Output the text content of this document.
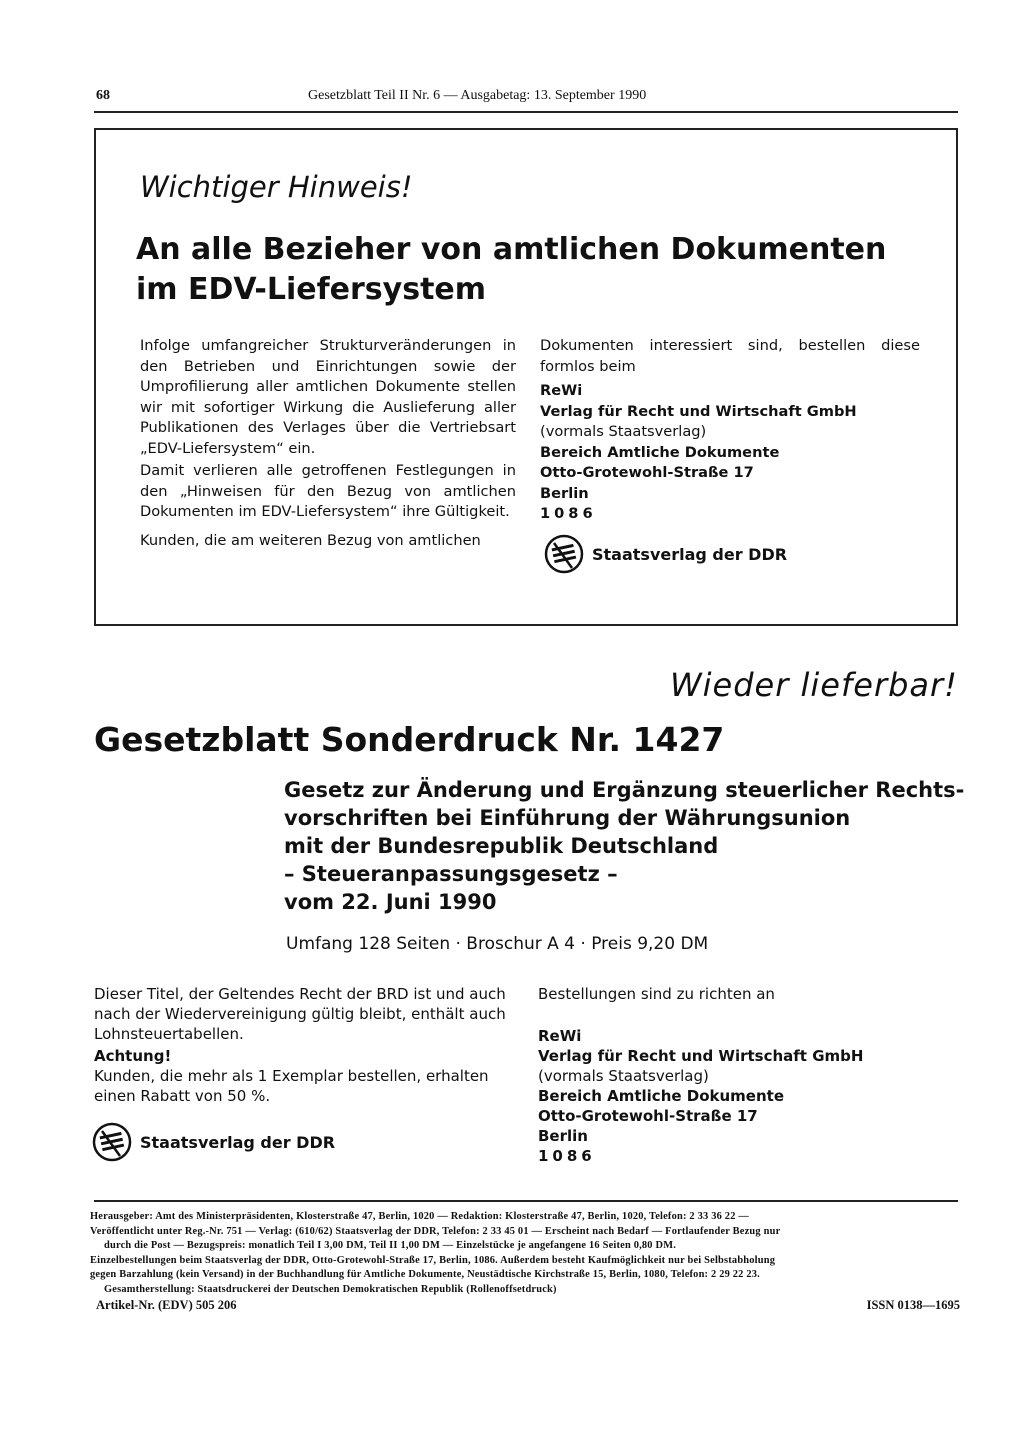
68	Gesetzblatt Teil II Nr. 6 — Ausgabetag: 13. September 1990
Wichtiger Hinweis!
An alle Bezieher von amtlichen Dokumenten
im EDV-Liefersystem

Infolge umfangreicher Strukturveränderungen in den Betrieben und Einrichtungen sowie der Umprofilierung aller amtlichen Dokumente stellen wir mit sofortiger Wirkung die Auslieferung aller Publikationen des Verlages über die Vertriebsart „EDV-Liefersystem“ ein.

Damit verlieren alle getroffenen Festlegungen in den „Hinweisen für den Bezug von amtlichen Dokumenten im EDV-Liefersystem“ ihre Gültigkeit.

Kunden, die am weiteren Bezug von amtlichen

Dokumenten interessiert sind, bestellen diese formlos beim

ReWi
Verlag für Recht und Wirtschaft GmbH
(vormals Staatsverlag)
Bereich Amtliche Dokumente
Otto-Grotewohl-Straße 17
Berlin
1086
Staatsverlag der DDR
Wieder lieferbar!
Gesetzblatt Sonderdruck Nr. 1427
Gesetz zur Änderung und Ergänzung steuerlicher Rechts-
vorschriften bei Einführung der Währungsunion
mit der Bundesrepublik Deutschland
– Steueranpassungsgesetz –
vom 22. Juni 1990
Umfang 128 Seiten · Broschur A 4 · Preis 9,20 DM
Dieser Titel, der Geltendes Recht der BRD ist und auch nach der Wiedervereinigung gültig bleibt, enthält auch Lohnsteuertabellen.
Achtung!
Kunden, die mehr als 1 Exemplar bestellen, erhalten einen Rabatt von 50 %.
Bestellungen sind zu richten an
ReWi
Verlag für Recht und Wirtschaft GmbH
(vormals Staatsverlag)
Bereich Amtliche Dokumente
Otto-Grotewohl-Straße 17
Berlin
1086
Staatsverlag der DDR
Herausgeber: Amt des Ministerpräsidenten, Klosterstraße 47, Berlin, 1020 — Redaktion: Klosterstraße 47, Berlin, 1020, Telefon: 2 33 36 22 —
Veröffentlicht unter Reg.-Nr. 751 — Verlag: (610/62) Staatsverlag der DDR, Telefon: 2 33 45 01 — Erscheint nach Bedarf — Fortlaufender Bezug nur
durch die Post — Bezugspreis: monatlich Teil I 3,00 DM, Teil II 1,00 DM — Einzelstücke je angefangene 16 Seiten 0,80 DM.
Einzelbestellungen beim Staatsverlag der DDR, Otto-Grotewohl-Straße 17, Berlin, 1086. Außerdem besteht Kaufmöglichkeit nur bei Selbstabholung
gegen Barzahlung (kein Versand) in der Buchhandlung für Amtliche Dokumente, Neustädtische Kirchstraße 15, Berlin, 1080, Telefon: 2 29 22 23.
Gesamtherstellung: Staatsdruckerei der Deutschen Demokratischen Republik (Rollenoffsetdruck)
Artikel-Nr. (EDV) 505 206	ISSN 0138—1695
